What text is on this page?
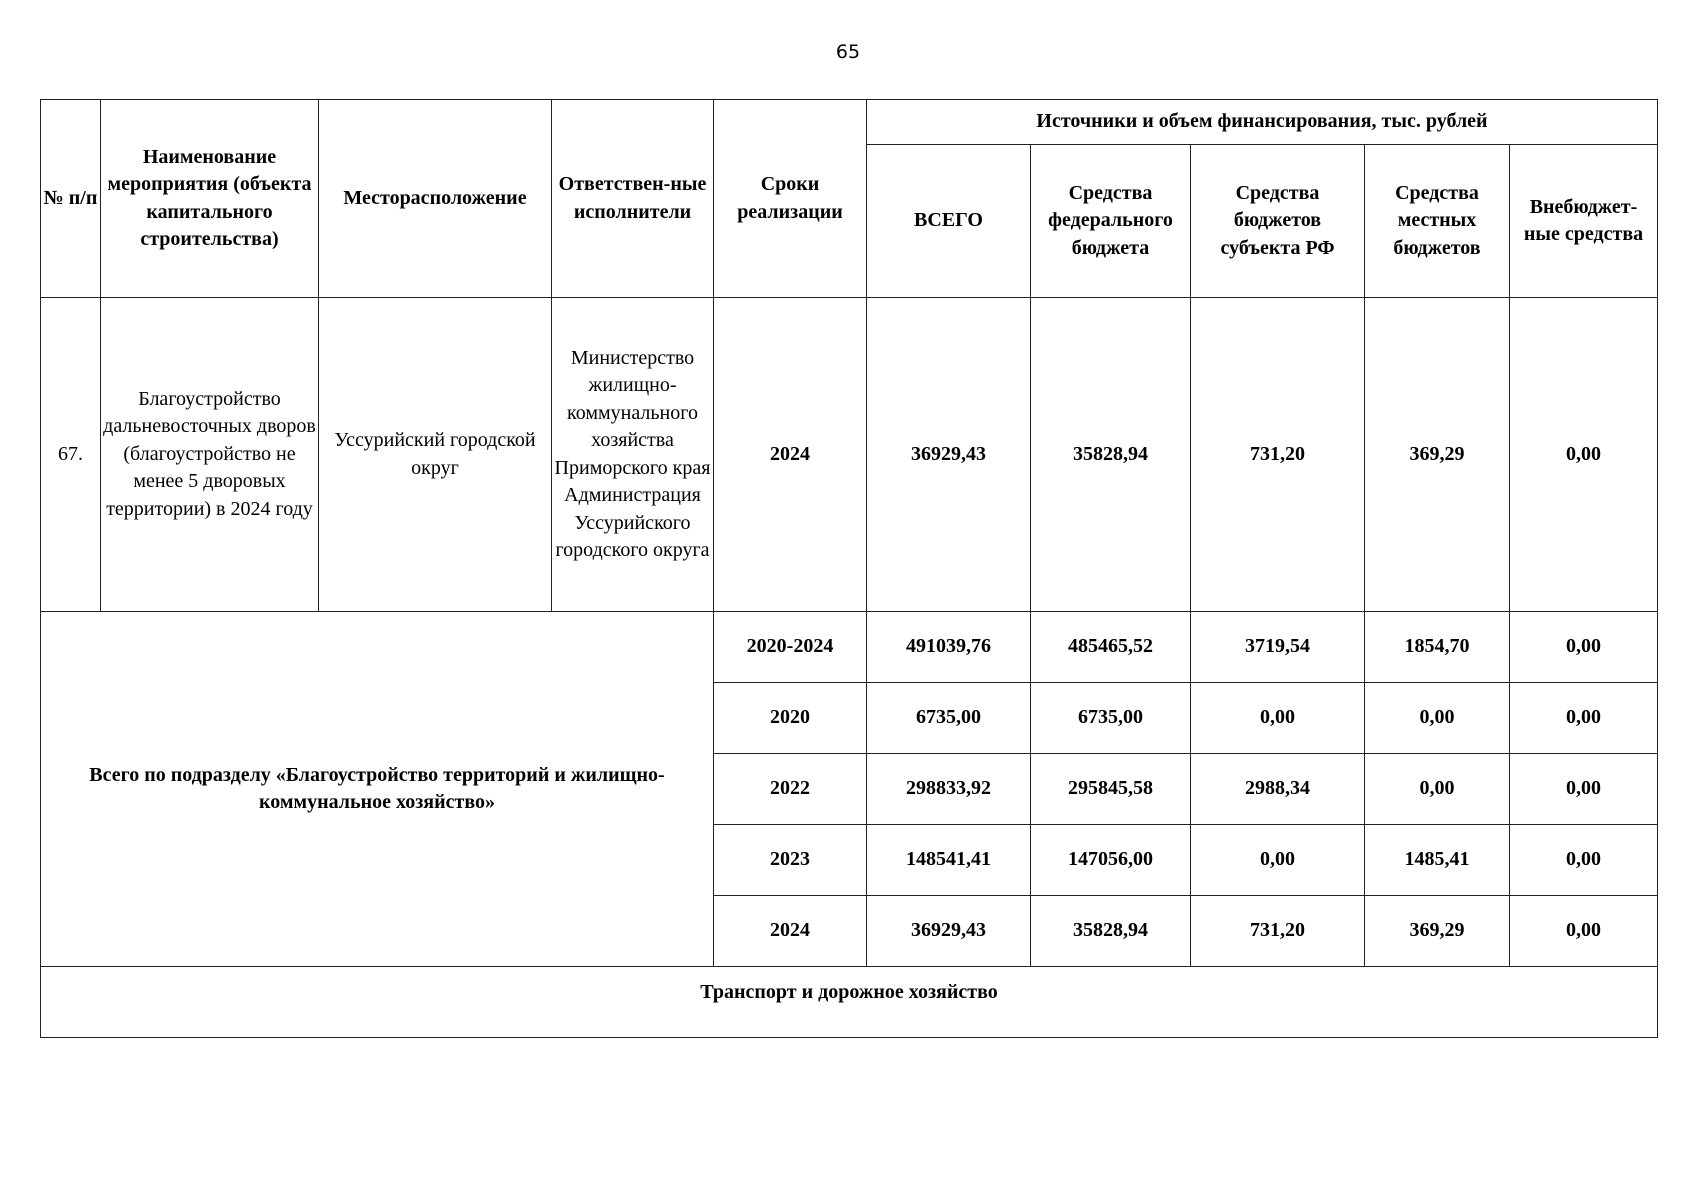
65
№ п/п	Наименование мероприятия (объекта капитального строительства)	Месторасположение	Ответствен-ные исполнители	Сроки реализации	Источники и объем финансирования, тыс. рублей				
					ВСЕГО	Средства федерального бюджета	Средства бюджетов субъекта РФ	Средства местных бюджетов	Внебюджет-ные средства
67.	Благоустройство дальневосточных дворов (благоустройство не менее 5 дворовых территории) в 2024 году	Уссурийский городской округ	Министерство жилищно-коммунального хозяйства Приморского края Администрация Уссурийского городского округа	2024	36929,43	35828,94	731,20	369,29	0,00
Всего по подразделу «Благоустройство территорий и жилищно-коммунальное хозяйство»				2020-2024	491039,76	485465,52	3719,54	1854,70	0,00
				2020	6735,00	6735,00	0,00	0,00	0,00
				2022	298833,92	295845,58	2988,34	0,00	0,00
				2023	148541,41	147056,00	0,00	1485,41	0,00
				2024	36929,43	35828,94	731,20	369,29	0,00
Транспорт и дорожное хозяйство									
